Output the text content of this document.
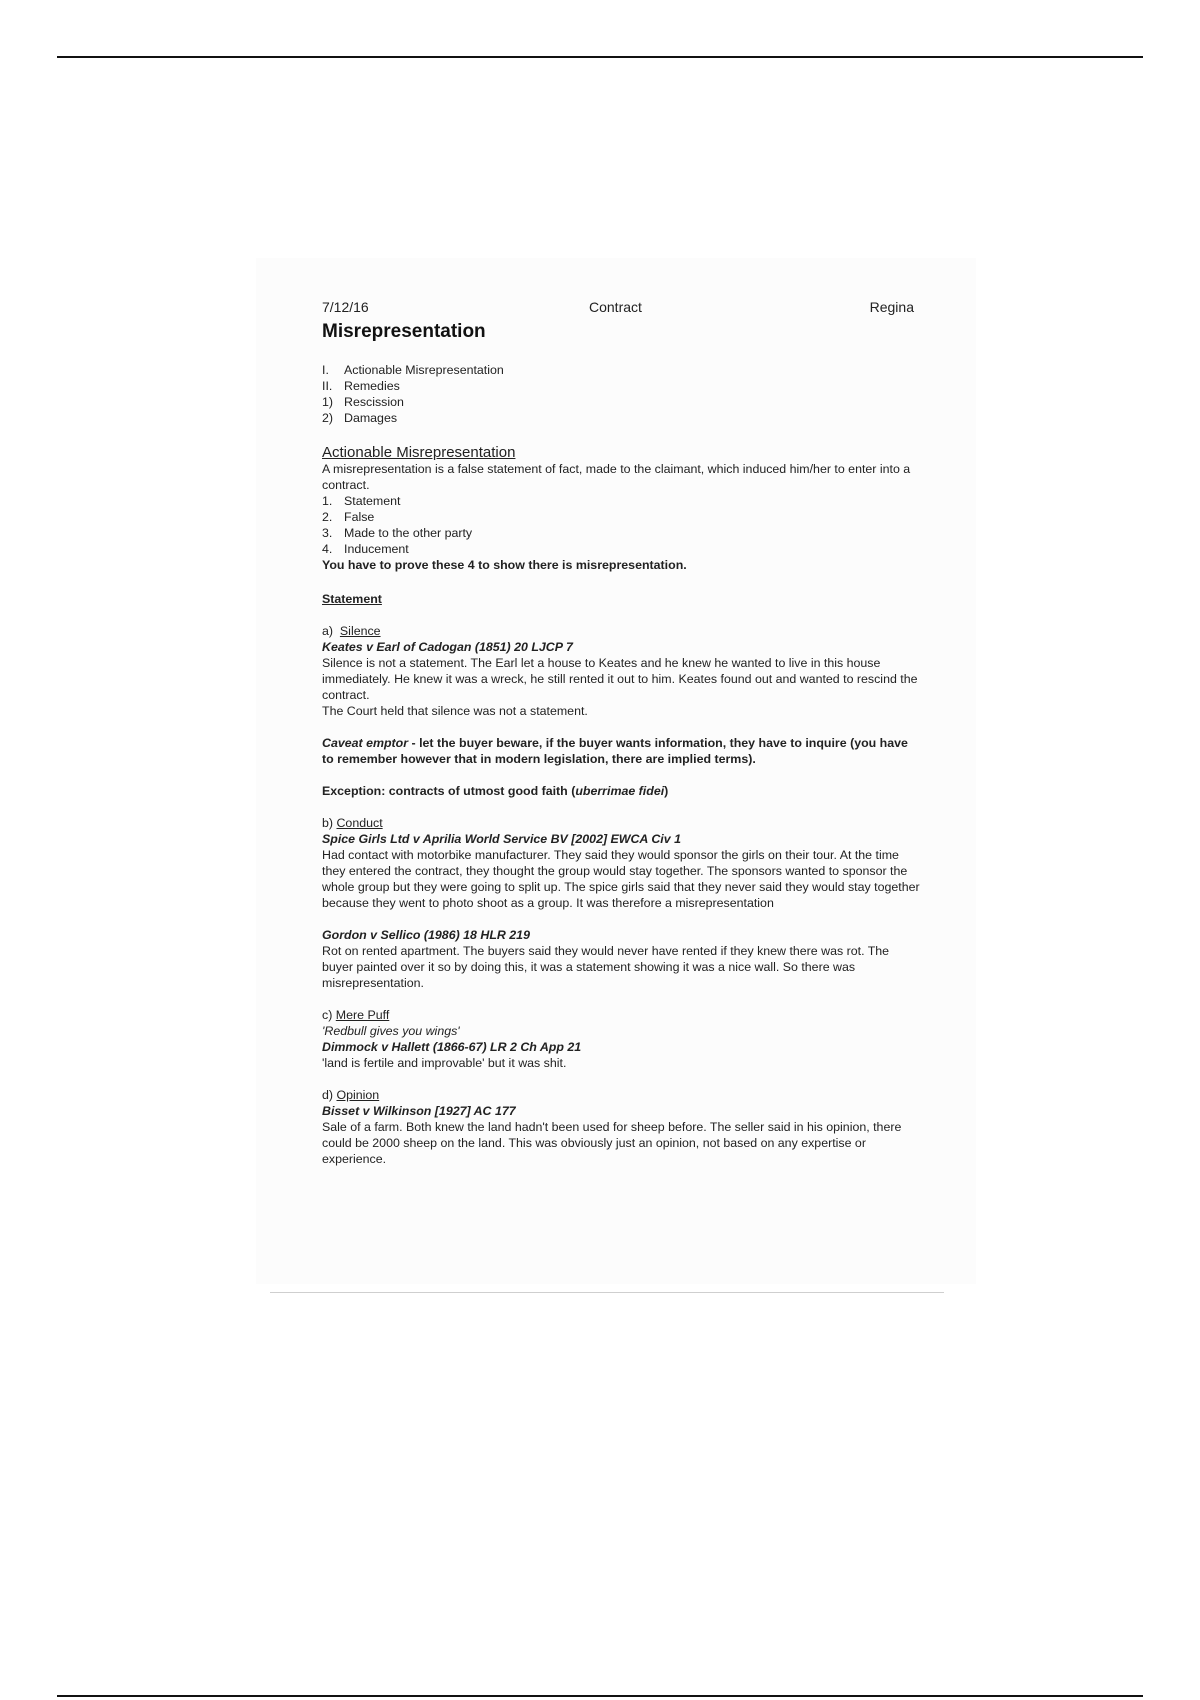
7/12/16	Contract	Regina
Misrepresentation
I.	Actionable Misrepresentation
II. Remedies
1) Rescission
2) Damages
Actionable Misrepresentation

A misrepresentation is a false statement of fact, made to the claimant, which induced him/her to enter into a contract.

1. Statement
2. False
3. Made to the other party
4. Inducement

You have to prove these 4 to show there is misrepresentation.

Statement

a) Silence

Keates v Earl of Cadogan (1851) 20 LJCP 7

Silence is not a statement. The Earl let a house to Keates and he knew he wanted to live in this house immediately. He knew it was a wreck, he still rented it out to him. Keates found out and wanted to rescind the contract.

The Court held that silence was not a statement.

Caveat emptor - let the buyer beware, if the buyer wants information, they have to inquire (you have to remember however that in modern legislation, there are implied terms).

Exception: contracts of utmost good faith (uberrimae fidei)

b) Conduct

Spice Girls Ltd v Aprilia World Service BV [2002] EWCA Civ 1

Had contact with motorbike manufacturer. They said they would sponsor the girls on their tour. At the time they entered the contract, they thought the group would stay together. The sponsors wanted to sponsor the whole group but they were going to split up. The spice girls said that they never said they would stay together because they went to photo shoot as a group. It was therefore a misrepresentation

Gordon v Sellico (1986) 18 HLR 219

Rot on rented apartment. The buyers said they would never have rented if they knew there was rot. The buyer painted over it so by doing this, it was a statement showing it was a nice wall. So there was misrepresentation.

c) Mere Puff

'Redbull gives you wings'

Dimmock v Hallett (1866-67) LR 2 Ch App 21

'land is fertile and improvable' but it was shit.

d) Opinion

Bisset v Wilkinson [1927] AC 177

Sale of a farm. Both knew the land hadn't been used for sheep before. The seller said in his opinion, there could be 2000 sheep on the land. This was obviously just an opinion, not based on any expertise or experience.
